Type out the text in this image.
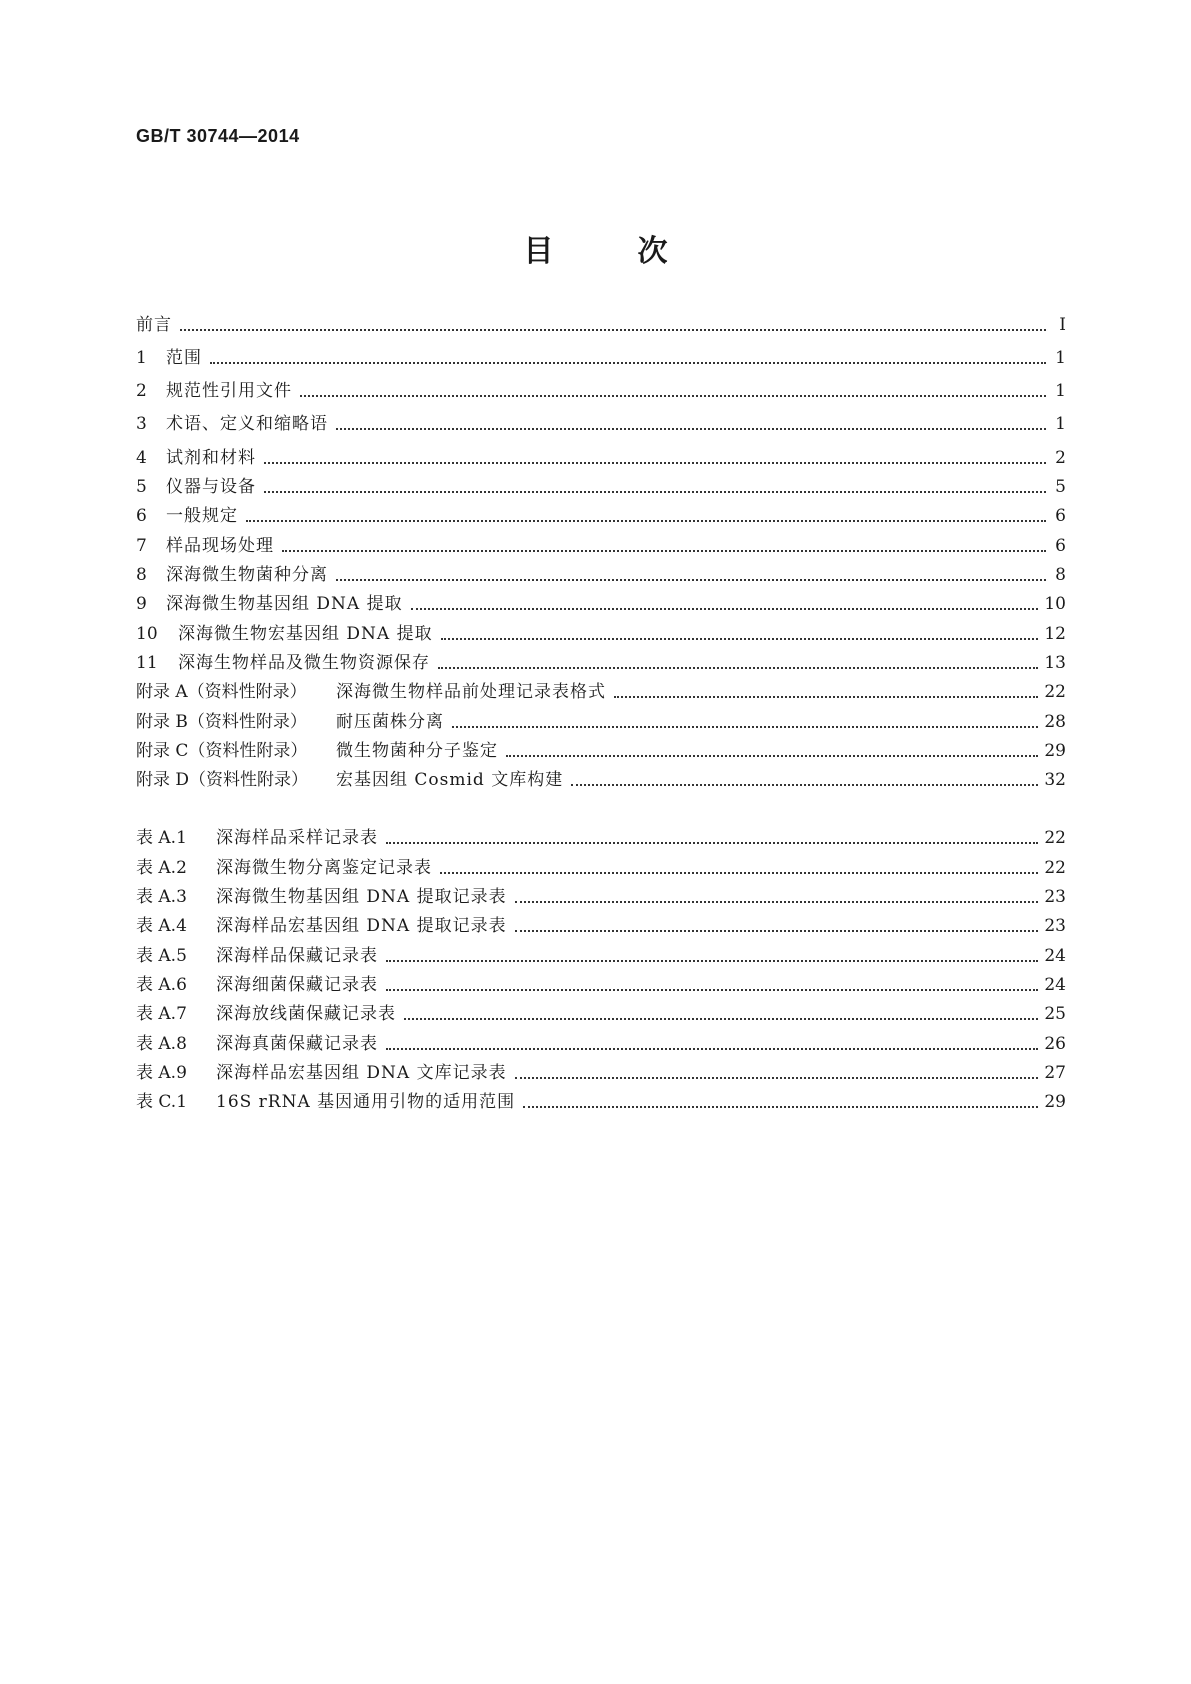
GB/T 30744—2014
目	次
前言	Ⅰ
1	范围	1
2	规范性引用文件	1
3	术语、定义和缩略语	1
4	试剂和材料	2
5	仪器与设备	5
6	一般规定	6
7	样品现场处理	6
8	深海微生物菌种分离	8
9	深海微生物基因组 DNA 提取	10
10	深海微生物宏基因组 DNA 提取	12
11	深海生物样品及微生物资源保存	13
附录 A（资料性附录）	深海微生物样品前处理记录表格式	22
附录 B（资料性附录）	耐压菌株分离	28
附录 C（资料性附录）	微生物菌种分子鉴定	29
附录 D（资料性附录）	宏基因组 Cosmid 文库构建	32
表 A.1	深海样品采样记录表	22
表 A.2	深海微生物分离鉴定记录表	22
表 A.3	深海微生物基因组 DNA 提取记录表	23
表 A.4	深海样品宏基因组 DNA 提取记录表	23
表 A.5	深海样品保藏记录表	24
表 A.6	深海细菌保藏记录表	24
表 A.7	深海放线菌保藏记录表	25
表 A.8	深海真菌保藏记录表	26
表 A.9	深海样品宏基因组 DNA 文库记录表	27
表 C.1	16S rRNA 基因通用引物的适用范围	29
